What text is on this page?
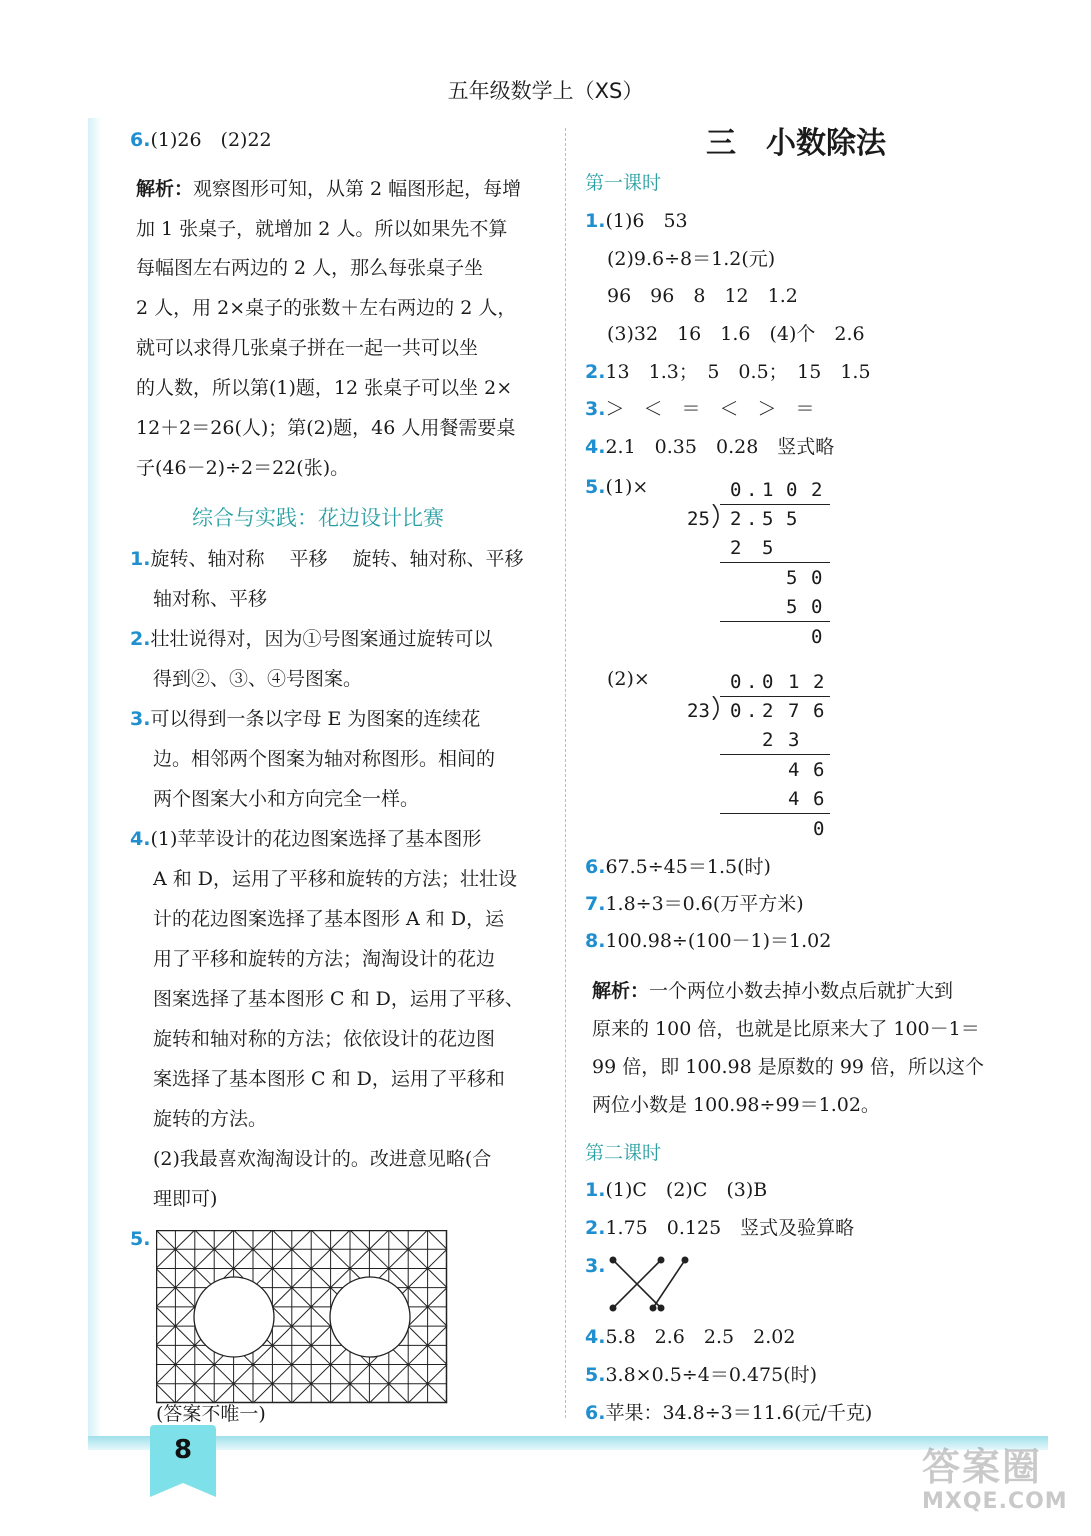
五年级数学上（XS）
6.(1)26　(2)22
解析：观察图形可知，从第 2 幅图形起，每增
加 1 张桌子，就增加 2 人。所以如果先不算
每幅图左右两边的 2 人，那么每张桌子坐
2 人，用 2×桌子的张数＋左右两边的 2 人，
就可以求得几张桌子拼在一起一共可以坐
的人数，所以第(1)题，12 张桌子可以坐 2×
12＋2＝26(人)；第(2)题，46 人用餐需要桌
子(46－2)÷2＝22(张)。
综合与实践：花边设计比赛
1.旋转、轴对称　 平移　 旋转、轴对称、平移
轴对称、平移
2.壮壮说得对，因为①号图案通过旋转可以
得到②、③、④号图案。
3.可以得到一条以字母 E 为图案的连续花
边。相邻两个图案为轴对称图形。相间的
两个图案大小和方向完全一样。
4.(1)苹苹设计的花边图案选择了基本图形
A 和 D，运用了平移和旋转的方法；壮壮设
计的花边图案选择了基本图形 A 和 D，运
用了平移和旋转的方法；淘淘设计的花边
图案选择了基本图形 C 和 D，运用了平移、
旋转和轴对称的方法；依依设计的花边图
案选择了基本图形 C 和 D，运用了平移和
旋转的方法。
(2)我最喜欢淘淘设计的。改进意见略(合
理即可)
5.
(答案不唯一)
三　小数除法
第一课时
1.(1)6　53
(2)9.6÷8＝1.2(元)
96　96　8　12　1.2
(3)32　16　1.6　(4)个　2.6
2.13　1.3；　5　0.5；　15　1.5
3.＞　＜　＝　＜　＞　＝
4.2.1　0.35　0.28　竖式略
5.(1)×
(2)×
0 . 1 0 2
25 2 . 5 5
2 5
5 0
5 0
0
0 . 0 1 2
23 0 . 2 7 6
2 3
4 6
4 6
0
6.67.5÷45＝1.5(时)
7.1.8÷3＝0.6(万平方米)
8.100.98÷(100－1)＝1.02
解析：一个两位小数去掉小数点后就扩大到
原来的 100 倍，也就是比原来大了 100－1＝
99 倍，即 100.98 是原数的 99 倍，所以这个
两位小数是 100.98÷99＝1.02。
第二课时
1.(1)C　(2)C　(3)B
2.1.75　0.125　竖式及验算略
3.
4.5.8　2.6　2.5　2.02
5.3.8×0.5÷4＝0.475(时)
6.苹果：34.8÷3＝11.6(元/千克)
8	答案圈
MXQE.COM
